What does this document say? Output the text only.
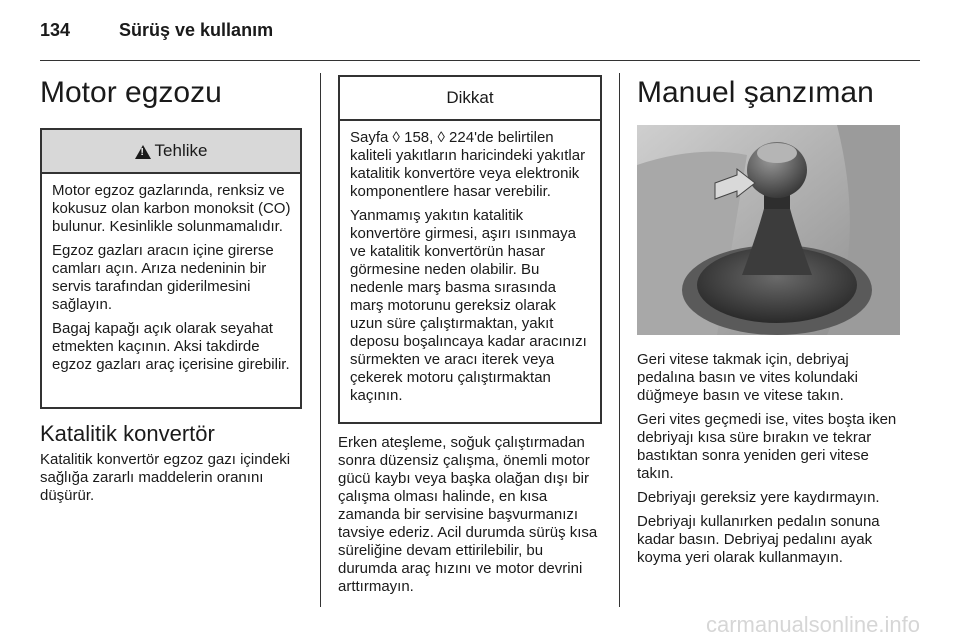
134	Sürüş ve kullanım
Motor egzozu
!
Tehlike

Motor egzoz gazlarında, renksiz ve kokusuz olan karbon monoksit (CO) bulunur. Kesinlikle solunmamalıdır.

Egzoz gazları aracın içine girerse camları açın. Arıza nedeninin bir servis tarafından giderilmesini sağlayın.

Bagaj kapağı açık olarak seyahat etmekten kaçının. Aksi takdirde egzoz gazları araç içerisine girebilir.

Katalitik konvertör
Katalitik konvertör egzoz gazı içindeki sağlığa zararlı maddelerin oranını düşürür.
Dikkat

Sayfa ◊ 158, ◊ 224'de belirtilen kaliteli yakıtların haricindeki yakıtlar katalitik konvertöre veya elektronik komponentlere hasar verebilir.

Yanmamış yakıtın katalitik konvertöre girmesi, aşırı ısınmaya ve katalitik konvertörün hasar görmesine neden olabilir. Bu nedenle marş basma sırasında marş motorunu gereksiz olarak uzun süre çalıştırmaktan, yakıt deposu boşalıncaya kadar aracınızı sürmekten ve aracı iterek veya çekerek motoru çalıştırmaktan kaçının.

Erken ateşleme, soğuk çalıştırmadan sonra düzensiz çalışma, önemli motor gücü kaybı veya başka olağan dışı bir çalışma olması halinde, en kısa zamanda bir servisine başvurmanızı tavsiye ederiz. Acil durumda sürüş kısa süreliğine devam ettirilebilir, bu durumda araç hızını ve motor devrini arttırmayın.
Manuel şanzıman

Geri vitese takmak için, debriyaj pedalına basın ve vites kolundaki düğmeye basın ve vitese takın.

Geri vites geçmedi ise, vites boşta iken debriyajı kısa süre bırakın ve tekrar bastıktan sonra yeniden geri vitese takın.

Debriyajı gereksiz yere kaydırmayın.

Debriyajı kullanırken pedalın sonuna kadar basın. Debriyaj pedalını ayak koyma yeri olarak kullanmayın.

carmanualsonline.info
